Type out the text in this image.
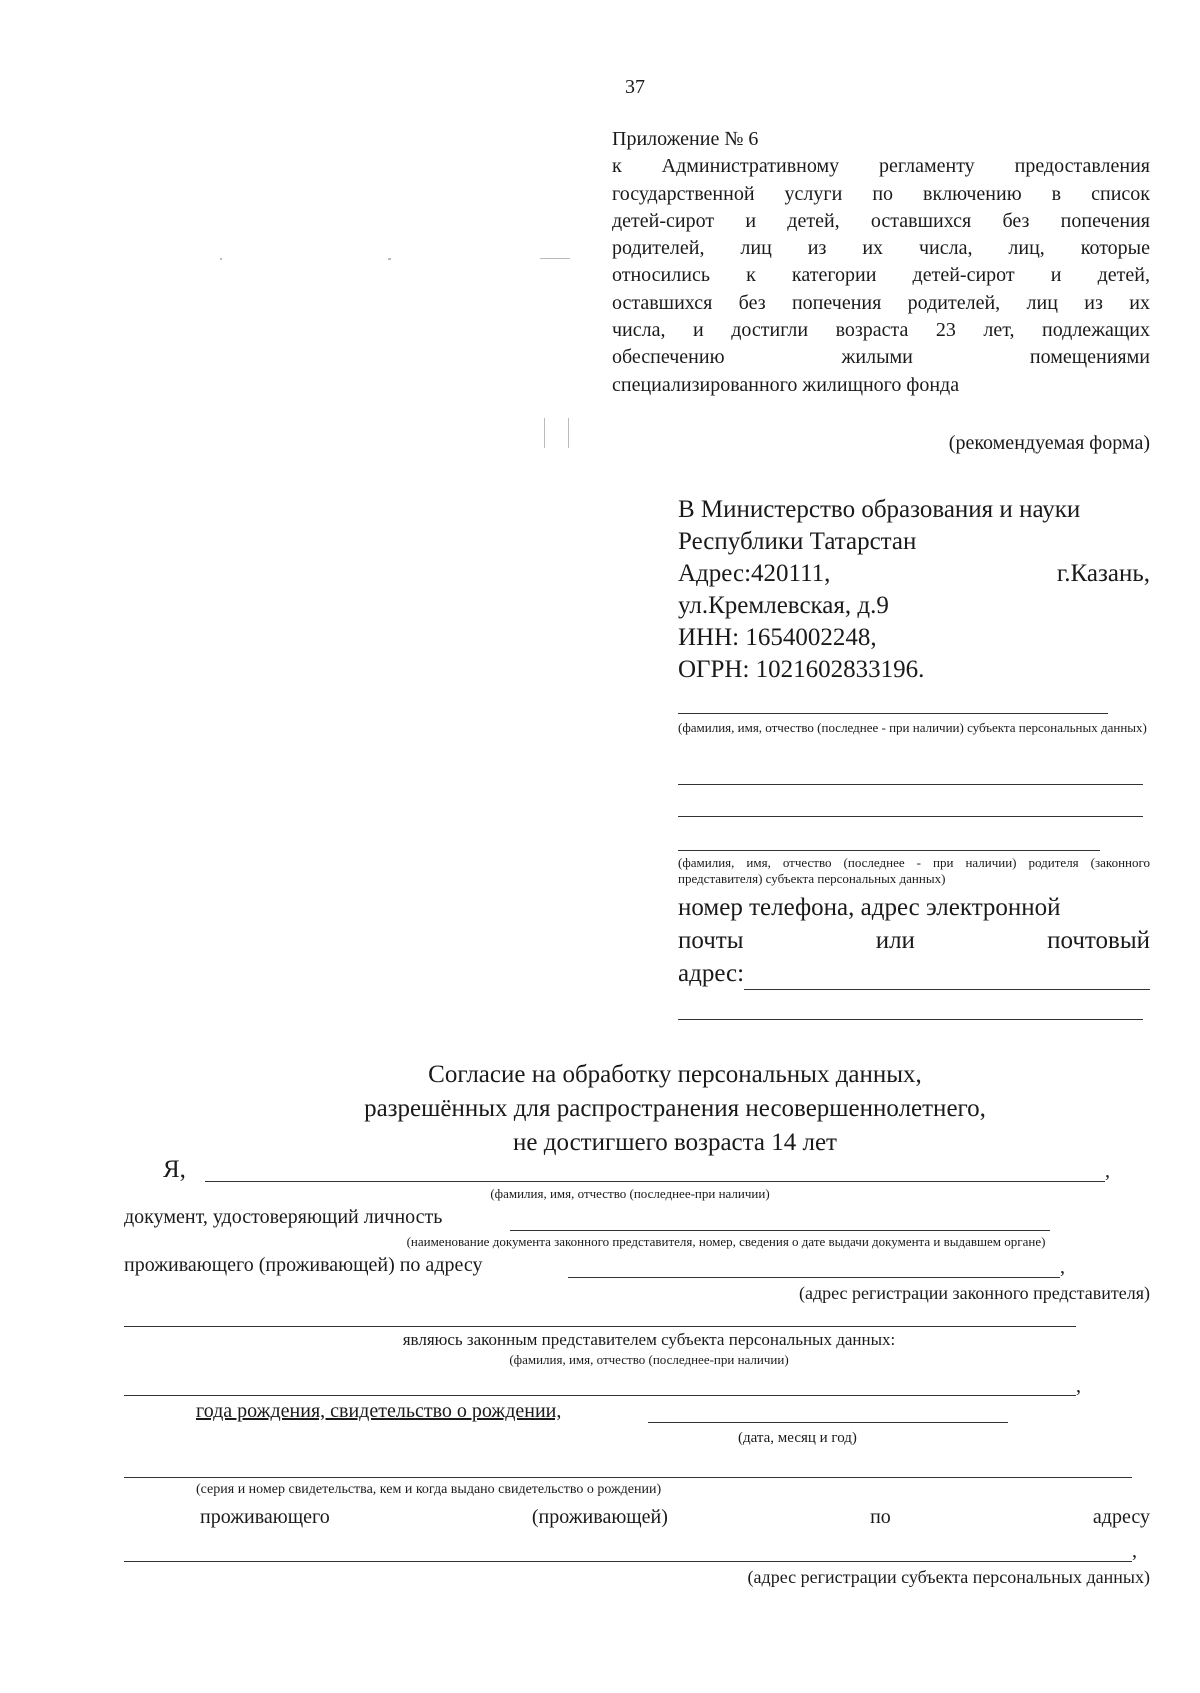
37
Приложение № 6
к Административному регламенту предоставления
государственной услуги по включению в список
детей-сирот и детей, оставшихся без попечения
родителей, лиц из их числа, лиц, которые
относились к категории детей-сирот и детей,
оставшихся без попечения родителей, лиц из их
числа, и достигли возраста 23 лет, подлежащих
обеспечению жилыми помещениями
специализированного жилищного фонда
(рекомендуемая форма)
В Министерство образования и науки
Республики Татарстан
Адрес:420111,	г.Казань,
ул.Кремлевская, д.9
ИНН: 1654002248,
ОГРН: 1021602833196.
(фамилия, имя, отчество (последнее - при наличии) субъекта персональных данных)
(фамилия, имя, отчество (последнее - при наличии) родителя (законного представителя) субъекта персональных данных)
номер телефона, адрес электронной
почты	или	почтовый
адрес:
Согласие на обработку персональных данных,
разрешённых для распространения несовершеннолетнего,
не достигшего возраста 14 лет
Я,	,
(фамилия, имя, отчество (последнее-при наличии)
документ, удостоверяющий личность
(наименование документа законного представителя, номер, сведения о дате выдачи документа и выдавшем органе)
проживающего (проживающей) по адресу	,
(адрес регистрации законного представителя)
являюсь законным представителем субъекта персональных данных:
(фамилия, имя, отчество (последнее-при наличии)
,
года рождения, свидетельство о рождении,
(дата, месяц и год)
(серия и номер свидетельства, кем и когда выдано свидетельство о рождении)
проживающего	(проживающей)	по	адресу
,
(адрес регистрации субъекта персональных данных)
